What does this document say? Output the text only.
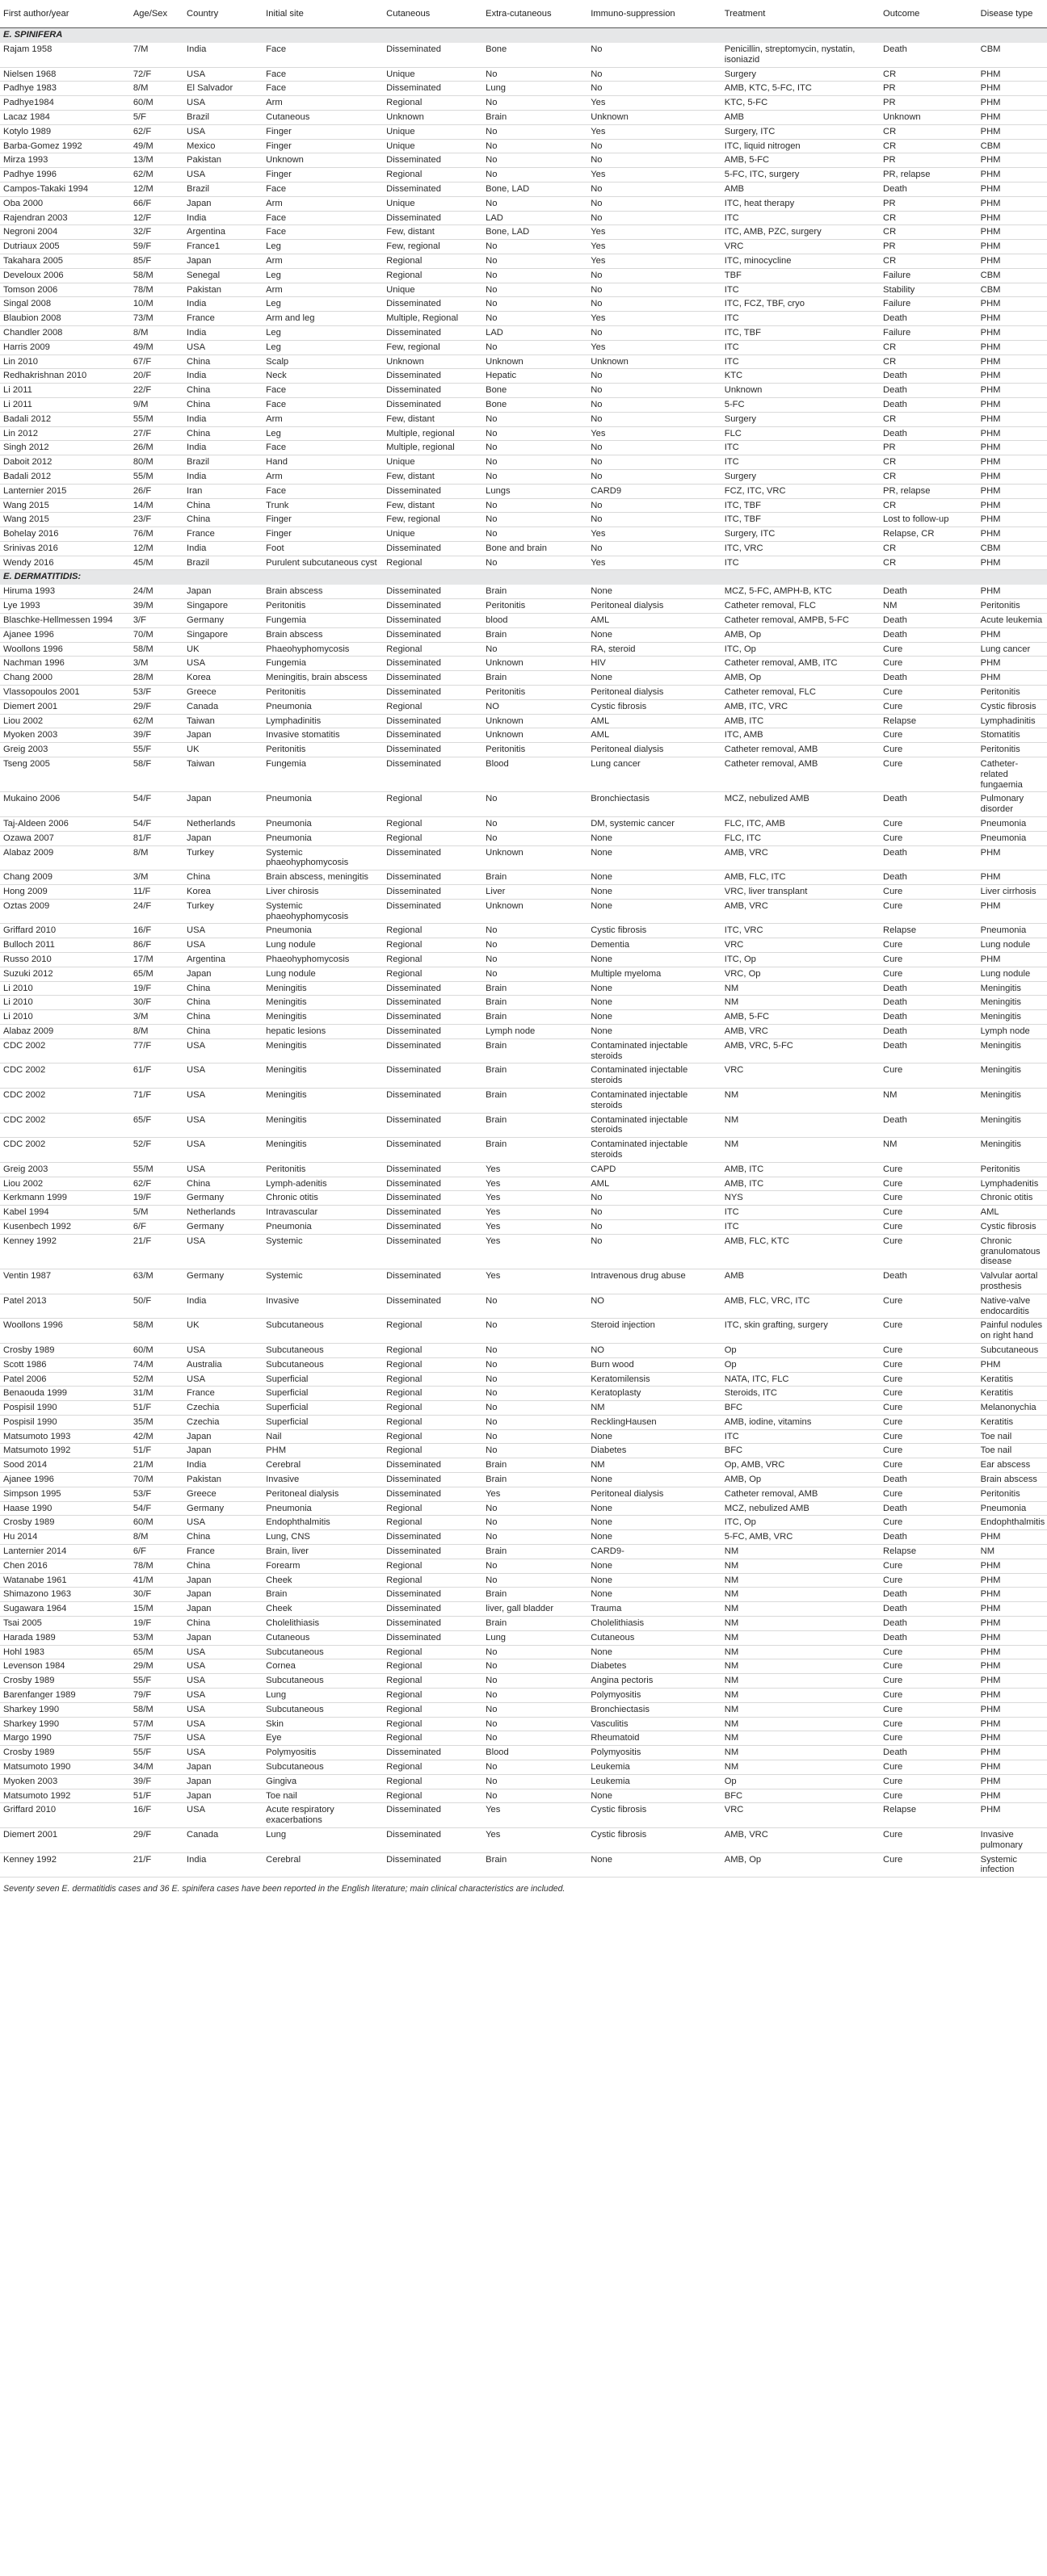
First author/year	Age/Sex	Country	Initial site	Cutaneous	Extra-cutaneous	Immuno-suppression	Treatment	Outcome	Disease type
E. SPINIFERA									
Rajam 1958	7/M	India	Face	Disseminated	Bone	No	Penicillin, streptomycin, nystatin, isoniazid	Death	CBM
Nielsen 1968	72/F	USA	Face	Unique	No	No	Surgery	CR	PHM
Padhye 1983	8/M	El Salvador	Face	Disseminated	Lung	No	AMB, KTC, 5-FC, ITC	PR	PHM
Padhye1984	60/M	USA	Arm	Regional	No	Yes	KTC, 5-FC	PR	PHM
Lacaz 1984	5/F	Brazil	Cutaneous	Unknown	Brain	Unknown	AMB	Unknown	PHM
Kotylo 1989	62/F	USA	Finger	Unique	No	Yes	Surgery, ITC	CR	PHM
Barba-Gomez 1992	49/M	Mexico	Finger	Unique	No	No	ITC, liquid nitrogen	CR	CBM
Mirza 1993	13/M	Pakistan	Unknown	Disseminated	No	No	AMB, 5-FC	PR	PHM
Padhye 1996	62/M	USA	Finger	Regional	No	Yes	5-FC, ITC, surgery	PR, relapse	PHM
Campos-Takaki 1994	12/M	Brazil	Face	Disseminated	Bone, LAD	No	AMB	Death	PHM
Oba 2000	66/F	Japan	Arm	Unique	No	No	ITC, heat therapy	PR	PHM
Rajendran 2003	12/F	India	Face	Disseminated	LAD	No	ITC	CR	PHM
Negroni 2004	32/F	Argentina	Face	Few, distant	Bone, LAD	Yes	ITC, AMB, PZC, surgery	CR	PHM
Dutriaux 2005	59/F	France1	Leg	Few, regional	No	Yes	VRC	PR	PHM
Takahara 2005	85/F	Japan	Arm	Regional	No	Yes	ITC, minocycline	CR	PHM
Develoux 2006	58/M	Senegal	Leg	Regional	No	No	TBF	Failure	CBM
Tomson 2006	78/M	Pakistan	Arm	Unique	No	No	ITC	Stability	CBM
Singal 2008	10/M	India	Leg	Disseminated	No	No	ITC, FCZ, TBF, cryo	Failure	PHM
Blaubion 2008	73/M	France	Arm and leg	Multiple, Regional	No	Yes	ITC	Death	PHM
Chandler 2008	8/M	India	Leg	Disseminated	LAD	No	ITC, TBF	Failure	PHM
Harris 2009	49/M	USA	Leg	Few, regional	No	Yes	ITC	CR	PHM
Lin 2010	67/F	China	Scalp	Unknown	Unknown	Unknown	ITC	CR	PHM
Redhakrishnan 2010	20/F	India	Neck	Disseminated	Hepatic	No	KTC	Death	PHM
Li 2011	22/F	China	Face	Disseminated	Bone	No	Unknown	Death	PHM
Li 2011	9/M	China	Face	Disseminated	Bone	No	5-FC	Death	PHM
Badali 2012	55/M	India	Arm	Few, distant	No	No	Surgery	CR	PHM
Lin 2012	27/F	China	Leg	Multiple, regional	No	Yes	FLC	Death	PHM
Singh 2012	26/M	India	Face	Multiple, regional	No	No	ITC	PR	PHM
Daboit 2012	80/M	Brazil	Hand	Unique	No	No	ITC	CR	PHM
Badali 2012	55/M	India	Arm	Few, distant	No	No	Surgery	CR	PHM
Lanternier 2015	26/F	Iran	Face	Disseminated	Lungs	CARD9	FCZ, ITC, VRC	PR, relapse	PHM
Wang 2015	14/M	China	Trunk	Few, distant	No	No	ITC, TBF	CR	PHM
Wang 2015	23/F	China	Finger	Few, regional	No	No	ITC, TBF	Lost to follow-up	PHM
Bohelay 2016	76/M	France	Finger	Unique	No	Yes	Surgery, ITC	Relapse, CR	PHM
Srinivas 2016	12/M	India	Foot	Disseminated	Bone and brain	No	ITC, VRC	CR	CBM
Wendy 2016	45/M	Brazil	Purulent subcutaneous cyst	Regional	No	Yes	ITC	CR	PHM
E. DERMATITIDIS:									
Hiruma 1993	24/M	Japan	Brain abscess	Disseminated	Brain	None	MCZ, 5-FC, AMPH-B, KTC	Death	PHM
Lye 1993	39/M	Singapore	Peritonitis	Disseminated	Peritonitis	Peritoneal dialysis	Catheter removal, FLC	NM	Peritonitis
Blaschke-Hellmessen 1994	3/F	Germany	Fungemia	Disseminated	blood	AML	Catheter removal, AMPB, 5-FC	Death	Acute leukemia
Ajanee 1996	70/M	Singapore	Brain abscess	Disseminated	Brain	None	AMB, Op	Death	PHM
Woollons 1996	58/M	UK	Phaeohyphomycosis	Regional	No	RA, steroid	ITC, Op	Cure	Lung cancer
Nachman 1996	3/M	USA	Fungemia	Disseminated	Unknown	HIV	Catheter removal, AMB, ITC	Cure	PHM
Chang 2000	28/M	Korea	Meningitis, brain abscess	Disseminated	Brain	None	AMB, Op	Death	PHM
Vlassopoulos 2001	53/F	Greece	Peritonitis	Disseminated	Peritonitis	Peritoneal dialysis	Catheter removal, FLC	Cure	Peritonitis
Diemert 2001	29/F	Canada	Pneumonia	Regional	NO	Cystic fibrosis	AMB, ITC, VRC	Cure	Cystic fibrosis
Liou 2002	62/M	Taiwan	Lymphadinitis	Disseminated	Unknown	AML	AMB, ITC	Relapse	Lymphadinitis
Myoken 2003	39/F	Japan	Invasive stomatitis	Disseminated	Unknown	AML	ITC, AMB	Cure	Stomatitis
Greig 2003	55/F	UK	Peritonitis	Disseminated	Peritonitis	Peritoneal dialysis	Catheter removal, AMB	Cure	Peritonitis
Tseng 2005	58/F	Taiwan	Fungemia	Disseminated	Blood	Lung cancer	Catheter removal, AMB	Cure	Catheter-related fungaemia
Mukaino 2006	54/F	Japan	Pneumonia	Regional	No	Bronchiectasis	MCZ, nebulized AMB	Death	Pulmonary disorder
Taj-Aldeen 2006	54/F	Netherlands	Pneumonia	Regional	No	DM, systemic cancer	FLC, ITC, AMB	Cure	Pneumonia
Ozawa 2007	81/F	Japan	Pneumonia	Regional	No	None	FLC, ITC	Cure	Pneumonia
Alabaz 2009	8/M	Turkey	Systemic phaeohyphomycosis	Disseminated	Unknown	None	AMB, VRC	Death	PHM
Chang 2009	3/M	China	Brain abscess, meningitis	Disseminated	Brain	None	AMB, FLC, ITC	Death	PHM
Hong 2009	11/F	Korea	Liver chirosis	Disseminated	Liver	None	VRC, liver transplant	Cure	Liver cirrhosis
Oztas 2009	24/F	Turkey	Systemic phaeohyphomycosis	Disseminated	Unknown	None	AMB, VRC	Cure	PHM
Griffard 2010	16/F	USA	Pneumonia	Regional	No	Cystic fibrosis	ITC, VRC	Relapse	Pneumonia
Bulloch 2011	86/F	USA	Lung nodule	Regional	No	Dementia	VRC	Cure	Lung nodule
Russo 2010	17/M	Argentina	Phaeohyphomycosis	Regional	No	None	ITC, Op	Cure	PHM
Suzuki 2012	65/M	Japan	Lung nodule	Regional	No	Multiple myeloma	VRC, Op	Cure	Lung nodule
Li 2010	19/F	China	Meningitis	Disseminated	Brain	None	NM	Death	Meningitis
Li 2010	30/F	China	Meningitis	Disseminated	Brain	None	NM	Death	Meningitis
Li 2010	3/M	China	Meningitis	Disseminated	Brain	None	AMB, 5-FC	Death	Meningitis
Alabaz 2009	8/M	China	hepatic lesions	Disseminated	Lymph node	None	AMB, VRC	Death	Lymph node
CDC 2002	77/F	USA	Meningitis	Disseminated	Brain	Contaminated injectable steroids	AMB, VRC, 5-FC	Death	Meningitis
CDC 2002	61/F	USA	Meningitis	Disseminated	Brain	Contaminated injectable steroids	VRC	Cure	Meningitis
CDC 2002	71/F	USA	Meningitis	Disseminated	Brain	Contaminated injectable steroids	NM	NM	Meningitis
CDC 2002	65/F	USA	Meningitis	Disseminated	Brain	Contaminated injectable steroids	NM	Death	Meningitis
CDC 2002	52/F	USA	Meningitis	Disseminated	Brain	Contaminated injectable steroids	NM	NM	Meningitis
Greig 2003	55/M	USA	Peritonitis	Disseminated	Yes	CAPD	AMB, ITC	Cure	Peritonitis
Liou 2002	62/F	China	Lymph-adenitis	Disseminated	Yes	AML	AMB, ITC	Cure	Lymphadenitis
Kerkmann 1999	19/F	Germany	Chronic otitis	Disseminated	Yes	No	NYS	Cure	Chronic otitis
Kabel 1994	5/M	Netherlands	Intravascular	Disseminated	Yes	No	ITC	Cure	AML
Kusenbech 1992	6/F	Germany	Pneumonia	Disseminated	Yes	No	ITC	Cure	Cystic fibrosis
Kenney 1992	21/F	USA	Systemic	Disseminated	Yes	No	AMB, FLC, KTC	Cure	Chronic granulomatous disease
Ventin 1987	63/M	Germany	Systemic	Disseminated	Yes	Intravenous drug abuse	AMB	Death	Valvular aortal prosthesis
Patel 2013	50/F	India	Invasive	Disseminated	No	NO	AMB, FLC, VRC, ITC	Cure	Native-valve endocarditis
Woollons 1996	58/M	UK	Subcutaneous	Regional	No	Steroid injection	ITC, skin grafting, surgery	Cure	Painful nodules on right hand
Crosby 1989	60/M	USA	Subcutaneous	Regional	No	NO	Op	Cure	Subcutaneous
Scott 1986	74/M	Australia	Subcutaneous	Regional	No	Burn wood	Op	Cure	PHM
Patel 2006	52/M	USA	Superficial	Regional	No	Keratomilensis	NATA, ITC, FLC	Cure	Keratitis
Benaouda 1999	31/M	France	Superficial	Regional	No	Keratoplasty	Steroids, ITC	Cure	Keratitis
Pospisil 1990	51/F	Czechia	Superficial	Regional	No	NM	BFC	Cure	Melanonychia
Pospisil 1990	35/M	Czechia	Superficial	Regional	No	RecklingHausen	AMB, iodine, vitamins	Cure	Keratitis
Matsumoto 1993	42/M	Japan	Nail	Regional	No	None	ITC	Cure	Toe nail
Matsumoto 1992	51/F	Japan	PHM	Regional	No	Diabetes	BFC	Cure	Toe nail
Sood 2014	21/M	India	Cerebral	Disseminated	Brain	NM	Op, AMB, VRC	Cure	Ear abscess
Ajanee 1996	70/M	Pakistan	Invasive	Disseminated	Brain	None	AMB, Op	Death	Brain abscess
Simpson 1995	53/F	Greece	Peritoneal dialysis	Disseminated	Yes	Peritoneal dialysis	Catheter removal, AMB	Cure	Peritonitis
Haase 1990	54/F	Germany	Pneumonia	Regional	No	None	MCZ, nebulized AMB	Death	Pneumonia
Crosby 1989	60/M	USA	Endophthalmitis	Regional	No	None	ITC, Op	Cure	Endophthalmitis
Hu 2014	8/M	China	Lung, CNS	Disseminated	No	None	5-FC, AMB, VRC	Death	PHM
Lanternier 2014	6/F	France	Brain, liver	Disseminated	Brain	CARD9-	NM	Relapse	NM
Chen 2016	78/M	China	Forearm	Regional	No	None	NM	Cure	PHM
Watanabe 1961	41/M	Japan	Cheek	Regional	No	None	NM	Cure	PHM
Shimazono 1963	30/F	Japan	Brain	Disseminated	Brain	None	NM	Death	PHM
Sugawara 1964	15/M	Japan	Cheek	Disseminated	liver, gall bladder	Trauma	NM	Death	PHM
Tsai 2005	19/F	China	Cholelithiasis	Disseminated	Brain	Cholelithiasis	NM	Death	PHM
Harada 1989	53/M	Japan	Cutaneous	Disseminated	Lung	Cutaneous	NM	Death	PHM
Hohl 1983	65/M	USA	Subcutaneous	Regional	No	None	NM	Cure	PHM
Levenson 1984	29/M	USA	Cornea	Regional	No	Diabetes	NM	Cure	PHM
Crosby 1989	55/F	USA	Subcutaneous	Regional	No	Angina pectoris	NM	Cure	PHM
Barenfanger 1989	79/F	USA	Lung	Regional	No	Polymyositis	NM	Cure	PHM
Sharkey 1990	58/M	USA	Subcutaneous	Regional	No	Bronchiectasis	NM	Cure	PHM
Sharkey 1990	57/M	USA	Skin	Regional	No	Vasculitis	NM	Cure	PHM
Margo 1990	75/F	USA	Eye	Regional	No	Rheumatoid	NM	Cure	PHM
Crosby 1989	55/F	USA	Polymyositis	Disseminated	Blood	Polymyositis	NM	Death	PHM
Matsumoto 1990	34/M	Japan	Subcutaneous	Regional	No	Leukemia	NM	Cure	PHM
Myoken 2003	39/F	Japan	Gingiva	Regional	No	Leukemia	Op	Cure	PHM
Matsumoto 1992	51/F	Japan	Toe nail	Regional	No	None	BFC	Cure	PHM
Griffard 2010	16/F	USA	Acute respiratory exacerbations	Disseminated	Yes	Cystic fibrosis	VRC	Relapse	PHM
Diemert 2001	29/F	Canada	Lung	Disseminated	Yes	Cystic fibrosis	AMB, VRC	Cure	Invasive pulmonary
Kenney 1992	21/F	India	Cerebral	Disseminated	Brain	None	AMB, Op	Cure	Systemic infection
Seventy seven E. dermatitidis cases and 36 E. spinifera cases have been reported in the English literature; main clinical characteristics are included.
